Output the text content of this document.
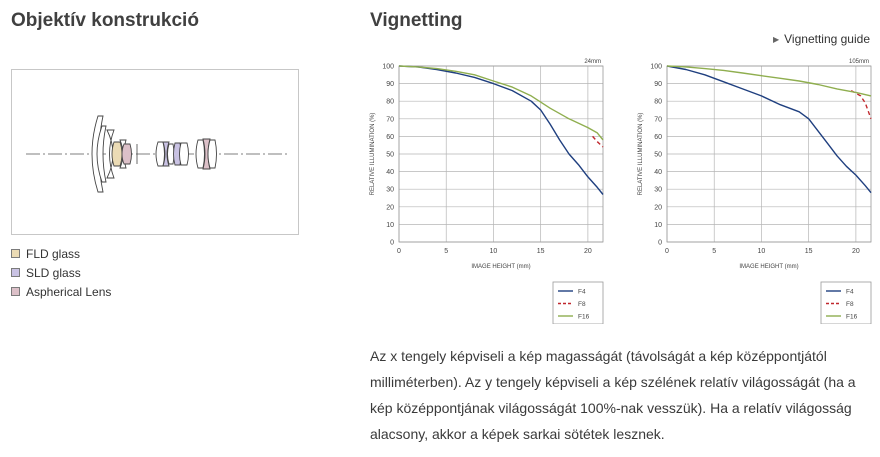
Objektív konstrukció
FLD glass
SLD glass
Aspherical Lens
Vignetting
▶ Vignetting guide
0
10
20
30
40
50
60
70
80
90
100
0	5	10	15	20
24mm
IMAGE HEIGHT (mm)
RELATIVE ILLUMINATION (%)
F4
F8
F16
0
10
20
30
40
50
60
70
80
90
100
0	5	10	15	20
105mm
IMAGE HEIGHT (mm)
RELATIVE ILLUMINATION (%)
F4
F8
F16

Az x tengely képviseli a kép magasságát (távolságát a kép középpontjától milliméterben). Az y tengely képviseli a kép szélének relatív világosságát (ha a kép középpontjának világosságát 100%-nak vesszük). Ha a relatív világosság alacsony, akkor a képek sarkai sötétek lesznek.
